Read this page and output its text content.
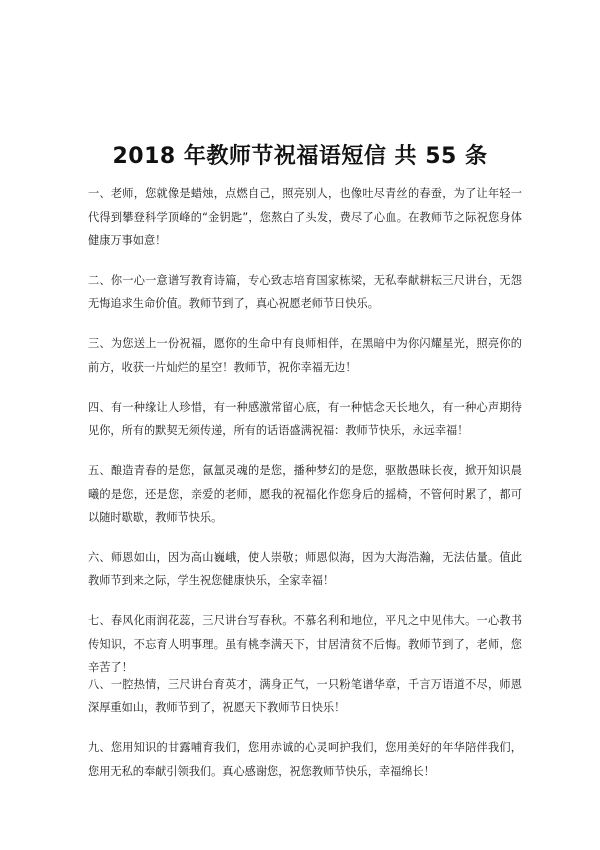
2018 年教师节祝福语短信 共 55 条

一、老师，您就像是蜡烛，点燃自己，照亮别人，也像吐尽青丝的春蚕，为了让年轻一代得到攀登科学顶峰的“金钥匙”，您熬白了头发，费尽了心血。在教师节之际祝您身体健康万事如意！

二、你一心一意谱写教育诗篇，专心致志培育国家栋梁，无私奉献耕耘三尺讲台，无怨无悔追求生命价值。教师节到了，真心祝愿老师节日快乐。

三、为您送上一份祝福，愿你的生命中有良师相伴，在黑暗中为你闪耀星光，照亮你的前方，收获一片灿烂的星空！教师节，祝你幸福无边！

四、有一种缘让人珍惜，有一种感激常留心底，有一种惦念天长地久，有一种心声期待见你，所有的默契无须传递，所有的话语盛满祝福：教师节快乐，永远幸福！

五、酿造青春的是您，氤氲灵魂的是您，播种梦幻的是您，驱散愚昧长夜，掀开知识晨曦的是您，还是您，亲爱的老师，愿我的祝福化作您身后的摇椅，不管何时累了，都可以随时歇歇，教师节快乐。

六、师恩如山，因为高山巍峨，使人崇敬；师恩似海，因为大海浩瀚，无法估量。值此教师节到来之际，学生祝您健康快乐，全家幸福！

七、春风化雨润花蕊，三尺讲台写春秋。不慕名利和地位，平凡之中见伟大。一心教书传知识，不忘育人明事理。虽有桃李满天下，甘居清贫不后悔。教师节到了，老师，您辛苦了！

八、一腔热情，三尺讲台育英才，满身正气，一只粉笔谱华章，千言万语道不尽，师恩深厚重如山，教师节到了，祝愿天下教师节日快乐！

九、您用知识的甘露哺育我们，您用赤诚的心灵呵护我们，您用美好的年华陪伴我们，您用无私的奉献引领我们。真心感谢您，祝您教师节快乐，幸福绵长！
